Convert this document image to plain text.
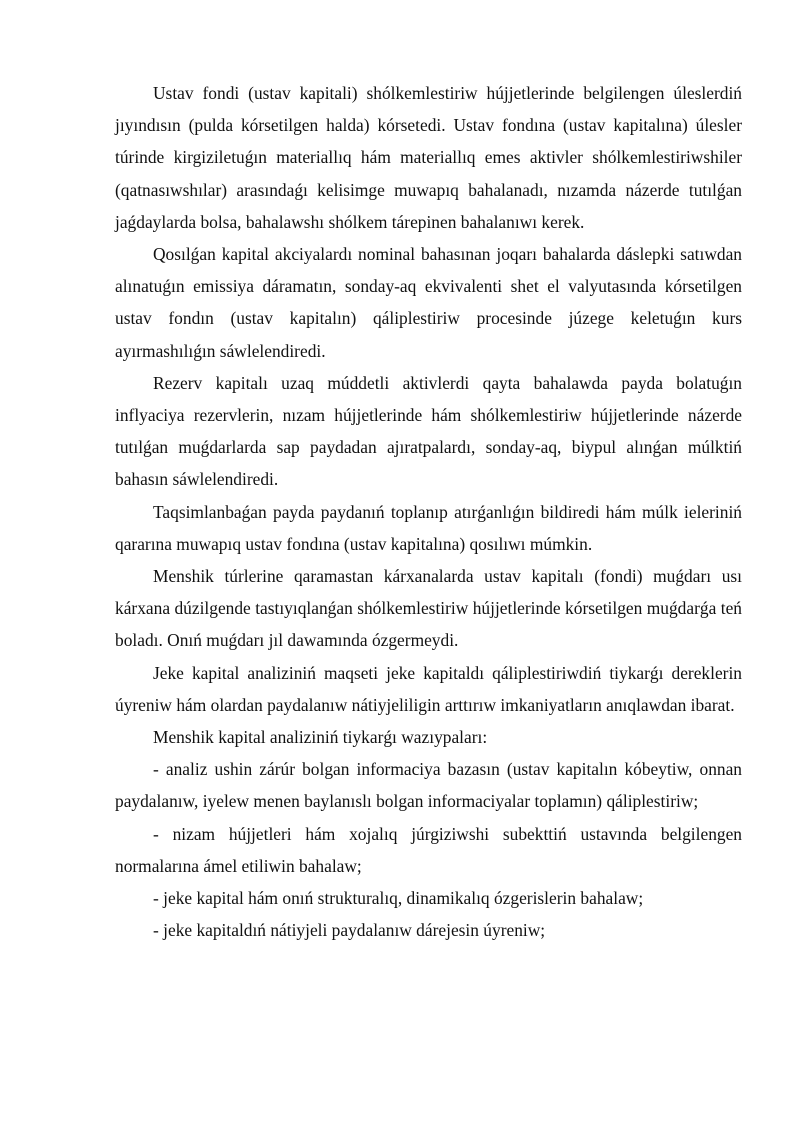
Ustav fondi (ustav kapitali) shólkemlestiriw hújjetlerinde belgilengen úleslerdiń jıyındısın (pulda kórsetilgen halda) kórsetedi. Ustav fondına (ustav kapitalına) úlesler túrinde kirgiziletuǵın materiallıq hám materiallıq emes aktivler shólkemlestiriwshiler (qatnasıwshılar) arasındaǵı kelisimge muwapıq bahalanadı, nızamda názerde tutılǵan jaǵdaylarda bolsa, bahalawshı shólkem tárepinen bahalanıwı kerek.

Qosılǵan kapital akciyalardı nominal bahasınan joqarı bahalarda dáslepki satıwdan alınatuǵın emissiya dáramatın, sonday-aq ekvivalenti shet el valyutasında kórsetilgen ustav fondın (ustav kapitalın) qáliplestiriw procesinde júzege keletuǵın kurs ayırmashılıǵın sáwlelendiredi.

Rezerv kapitalı uzaq múddetli aktivlerdi qayta bahalawda payda bolatuǵın inflyaciya rezervlerin, nızam hújjetlerinde hám shólkemlestiriw hújjetlerinde názerde tutılǵan muǵdarlarda sap paydadan ajıratpalardı, sonday-aq, biypul alınǵan múlktiń bahasın sáwlelendiredi.

Taqsimlanbaǵan payda paydanıń toplanıp atırǵanlıǵın bildiredi hám múlk ieleriniń qararına muwapıq ustav fondına (ustav kapitalına) qosılıwı múmkin.

Menshik túrlerine qaramastan kárxanalarda ustav kapitalı (fondi) muǵdarı usı kárxana dúzilgende tastıyıqlanǵan shólkemlestiriw hújjetlerinde kórsetilgen muǵdarǵa teń boladı. Onıń muǵdarı jıl dawamında ózgermeydi.

Jeke kapital analiziniń maqseti jeke kapitaldı qáliplestiriwdiń tiykarǵı dereklerin úyreniw hám olardan paydalanıw nátiyjeliligin arttırıw imkaniyatların anıqlawdan ibarat.

Menshik kapital analiziniń tiykarǵı wazıypaları:

- analiz ushin zárúr bolgan informaciya bazasın (ustav kapitalın kóbeytiw, onnan paydalanıw, iyelew menen baylanıslı bolgan informaciyalar toplamın) qáliplestiriw;

- nizam hújjetleri hám xojalıq júrgiziwshi subekttiń ustavında belgilengen normalarına ámel etiliwin bahalaw;

- jeke kapital hám onıń strukturalıq, dinamikalıq ózgerislerin bahalaw;

- jeke kapitaldıń nátiyjeli paydalanıw dárejesin úyreniw;
